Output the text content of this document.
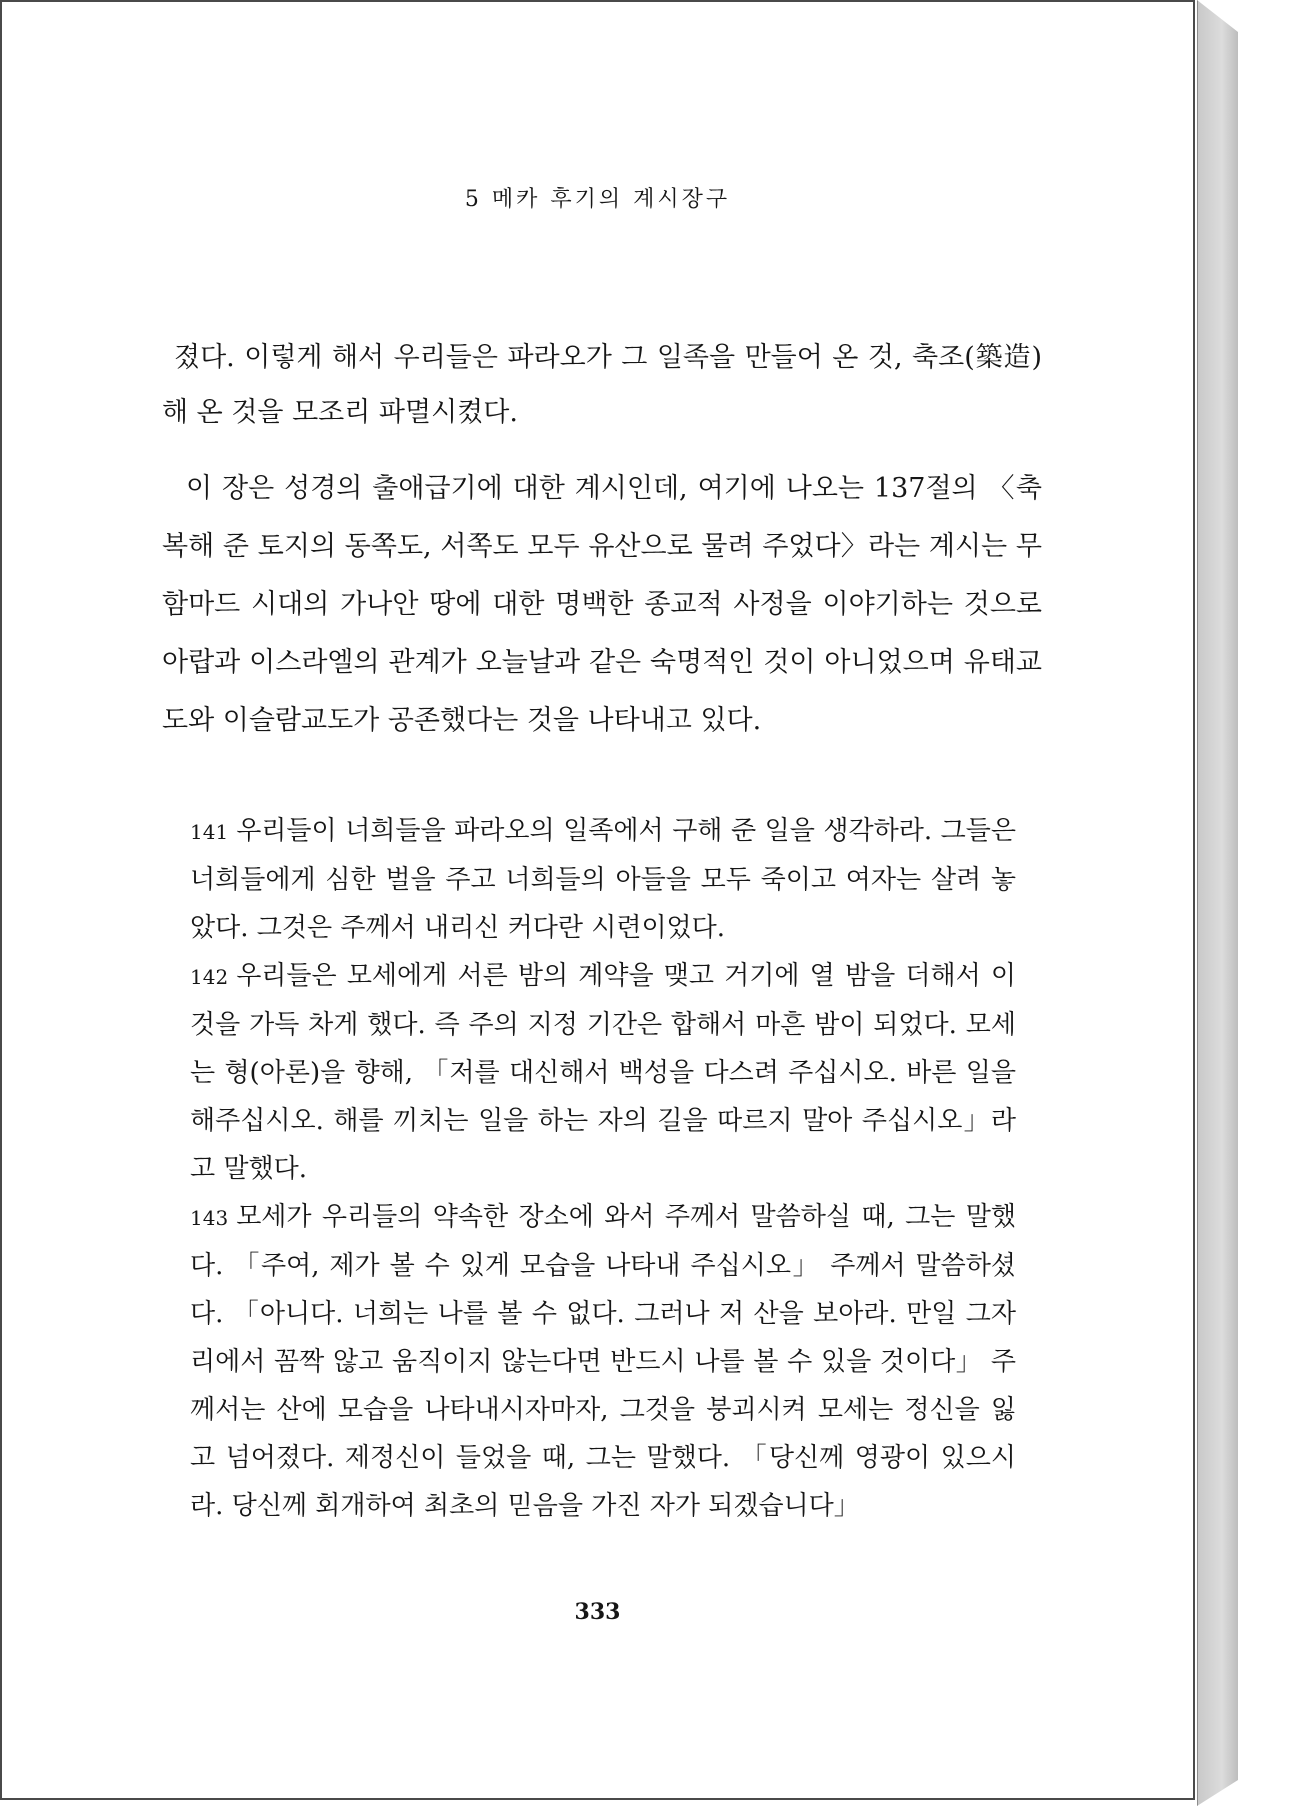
5 메카 후기의 계시장구

졌다. 이렇게 해서 우리들은 파라오가 그 일족을 만들어 온 것, 축조(築造)해 온 것을 모조리 파멸시켰다.

이 장은 성경의 출애급기에 대한 계시인데, 여기에 나오는 137절의 〈축복해 준 토지의 동쪽도, 서쪽도 모두 유산으로 물려 주었다〉라는 계시는 무함마드 시대의 가나안 땅에 대한 명백한 종교적 사정을 이야기하는 것으로 아랍과 이스라엘의 관계가 오늘날과 같은 숙명적인 것이 아니었으며 유태교도와 이슬람교도가 공존했다는 것을 나타내고 있다.

141 우리들이 너희들을 파라오의 일족에서 구해 준 일을 생각하라. 그들은 너희들에게 심한 벌을 주고 너희들의 아들을 모두 죽이고 여자는 살려 놓았다. 그것은 주께서 내리신 커다란 시련이었다.

142 우리들은 모세에게 서른 밤의 계약을 맺고 거기에 열 밤을 더해서 이것을 가득 차게 했다. 즉 주의 지정 기간은 합해서 마흔 밤이 되었다. 모세는 형(아론)을 향해, 「저를 대신해서 백성을 다스려 주십시오. 바른 일을 해주십시오. 해를 끼치는 일을 하는 자의 길을 따르지 말아 주십시오」라고 말했다.

143 모세가 우리들의 약속한 장소에 와서 주께서 말씀하실 때, 그는 말했다. 「주여, 제가 볼 수 있게 모습을 나타내 주십시오」 주께서 말씀하셨다. 「아니다. 너희는 나를 볼 수 없다. 그러나 저 산을 보아라. 만일 그자리에서 꼼짝 않고 움직이지 않는다면 반드시 나를 볼 수 있을 것이다」 주께서는 산에 모습을 나타내시자마자, 그것을 붕괴시켜 모세는 정신을 잃고 넘어졌다. 제정신이 들었을 때, 그는 말했다. 「당신께 영광이 있으시라. 당신께 회개하여 최초의 믿음을 가진 자가 되겠습니다」

333
